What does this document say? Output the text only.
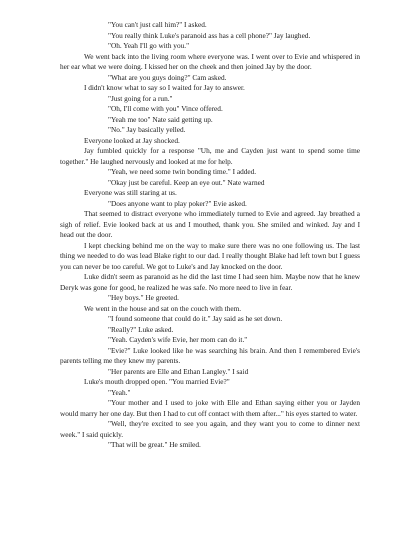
"You can't just call him?" I asked.

"You really think Luke's paranoid ass has a cell phone?" Jay laughed.

"Oh. Yeah I'll go with you."

We went back into the living room where everyone was. I went over to Evie and whispered in her ear what we were doing. I kissed her on the cheek and then joined Jay by the door.

"What are you guys doing?" Cam asked.

I didn't know what to say so I waited for Jay to answer.

"Just going for a run."

"Oh, I'll come with you" Vince offered.

"Yeah me too" Nate said getting up.

"No." Jay basically yelled.

Everyone looked at Jay shocked.

Jay fumbled quickly for a response "Uh, me and Cayden just want to spend some time together." He laughed nervously and looked at me for help.

"Yeah, we need some twin bonding time." I added.

"Okay just be careful. Keep an eye out." Nate warned

Everyone was still staring at us.

"Does anyone want to play poker?" Evie asked.

That seemed to distract everyone who immediately turned to Evie and agreed. Jay breathed a sigh of relief. Evie looked back at us and I mouthed, thank you. She smiled and winked. Jay and I head out the door.

I kept checking behind me on the way to make sure there was no one following us. The last thing we needed to do was lead Blake right to our dad. I really thought Blake had left town but I guess you can never be too careful. We got to Luke's and Jay knocked on the door.

Luke didn't seem as paranoid as he did the last time I had seen him. Maybe now that he knew Deryk was gone for good, he realized he was safe. No more need to live in fear.

"Hey boys." He greeted.

We went in the house and sat on the couch with them.

"I found someone that could do it." Jay said as he set down.

"Really?" Luke asked.

"Yeah. Cayden's wife Evie, her mom can do it."

"Evie?" Luke looked like he was searching his brain. And then I remembered Evie's parents telling me they knew my parents.

"Her parents are Elle and Ethan Langley." I said

Luke's mouth dropped open. "You married Evie?"

"Yeah."

"Your mother and I used to joke with Elle and Ethan saying either you or Jayden would marry her one day. But then I had to cut off contact with them after..." his eyes started to water.

"Well, they're excited to see you again, and they want you to come to dinner next week." I said quickly.

"That will be great." He smiled.
